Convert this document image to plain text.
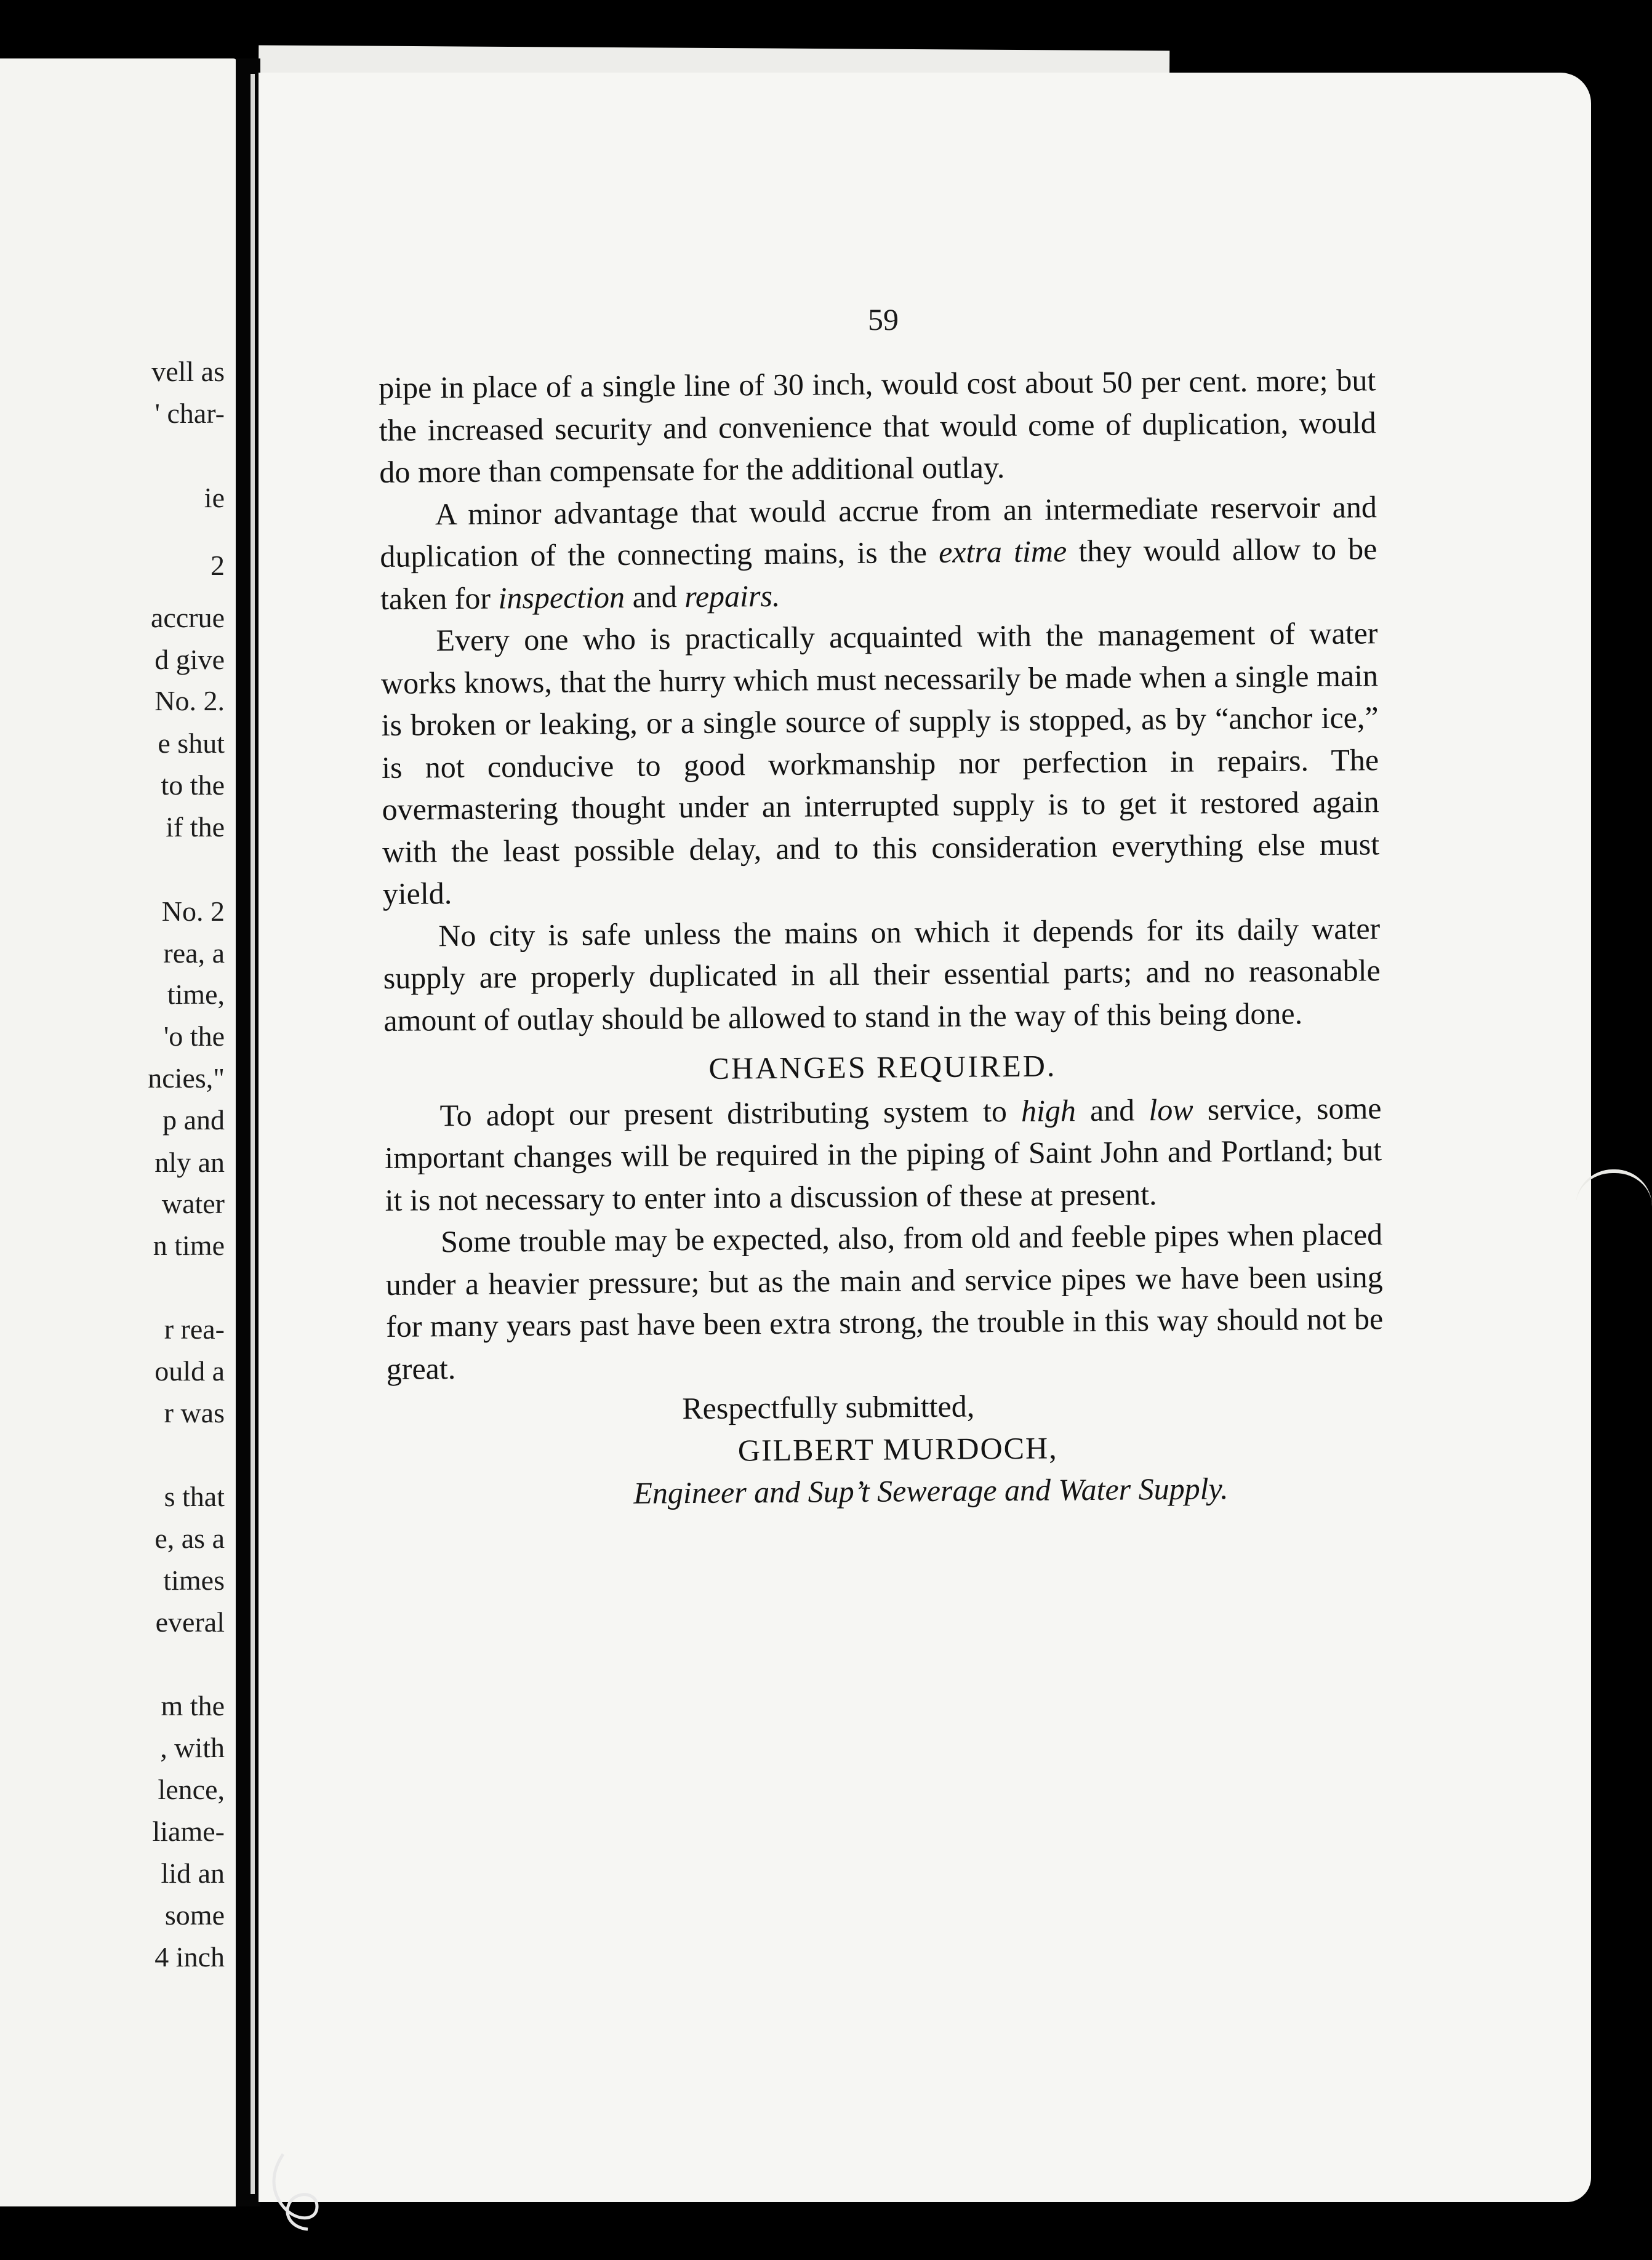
vell as
' char-
ie
2
accrue
d give
No. 2.
e shut
to the
if the
No. 2
rea, a
time,
'o the
ncies,"
p and
nly an
water
n time
r rea-
ould a
r was
s that
e, as a
times
everal
m the
, with
lence,
liame-
lid an
some
4 inch
59

pipe in place of a single line of 30 inch, would cost about 50 per cent. more; but the increased security and convenience that would come of duplication, would do more than compensate for the additional outlay.

A minor advantage that would accrue from an intermediate reservoir and duplication of the connecting mains, is the extra time they would allow to be taken for inspection and repairs.

Every one who is practically acquainted with the management of water works knows, that the hurry which must necessarily be made when a single main is broken or leaking, or a single source of supply is stopped, as by “anchor ice,” is not conducive to good workmanship nor perfection in repairs. The overmastering thought under an interrupted supply is to get it restored again with the least possible delay, and to this consideration everything else must yield.

No city is safe unless the mains on which it depends for its daily water supply are properly duplicated in all their essential parts; and no reasonable amount of outlay should be allowed to stand in the way of this being done.

CHANGES REQUIRED.

To adopt our present distributing system to high and low service, some important changes will be required in the piping of Saint John and Portland; but it is not necessary to enter into a discussion of these at present.

Some trouble may be expected, also, from old and feeble pipes when placed under a heavier pressure; but as the main and service pipes we have been using for many years past have been extra strong, the trouble in this way should not be great.

Respectfully submitted,
GILBERT MURDOCH,
Engineer and Sup’t Sewerage and Water Supply.
